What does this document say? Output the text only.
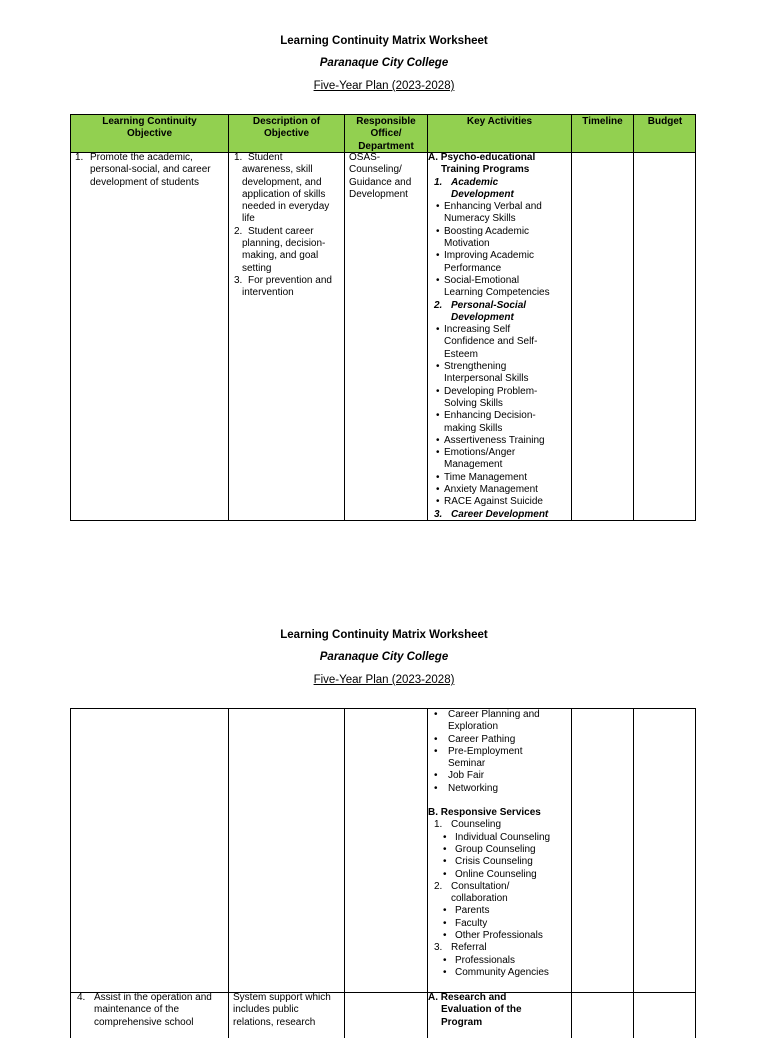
Learning Continuity Matrix Worksheet
Paranaque City College
Five-Year Plan (2023-2028)
Learning Continuity Objective
Description of Objective
Responsible Office/ Department
Key Activities	Timeline	Budget
1. Promote the academic,
personal-social, and career
development of students
1. Student
awareness, skill
development, and
application of skills
needed in everyday
life
2. Student career
planning, decision-
making, and goal
setting
3. For prevention and
intervention
OSAS-
Counseling/
Guidance and
Development
A. Psycho-educational
Training Programs
1. Academic
Development
• Enhancing Verbal and
Numeracy Skills
• Boosting Academic
Motivation
• Improving Academic
Performance
• Social-Emotional
Learning Competencies
2. Personal-Social
Development
• Increasing Self
Confidence and Self-
Esteem
• Strengthening
Interpersonal Skills
• Developing Problem-
Solving Skills
• Enhancing Decision-
making Skills
• Assertiveness Training
• Emotions/Anger
Management
• Time Management
• Anxiety Management
• RACE Against Suicide
3. Career Development
Learning Continuity Matrix Worksheet
Paranaque City College
Five-Year Plan (2023-2028)
• Career Planning and
Exploration
• Career Pathing
• Pre-Employment
Seminar
• Job Fair
• Networking
B. Responsive Services
1. Counseling
• Individual Counseling
• Group Counseling
• Crisis Counseling
• Online Counseling
2. Consultation/
collaboration
• Parents
• Faculty
• Other Professionals
3. Referral
• Professionals
• Community Agencies
4. Assist in the operation and
maintenance of the
comprehensive school
System support which
includes public
relations, research
A. Research and
Evaluation of the
Program
